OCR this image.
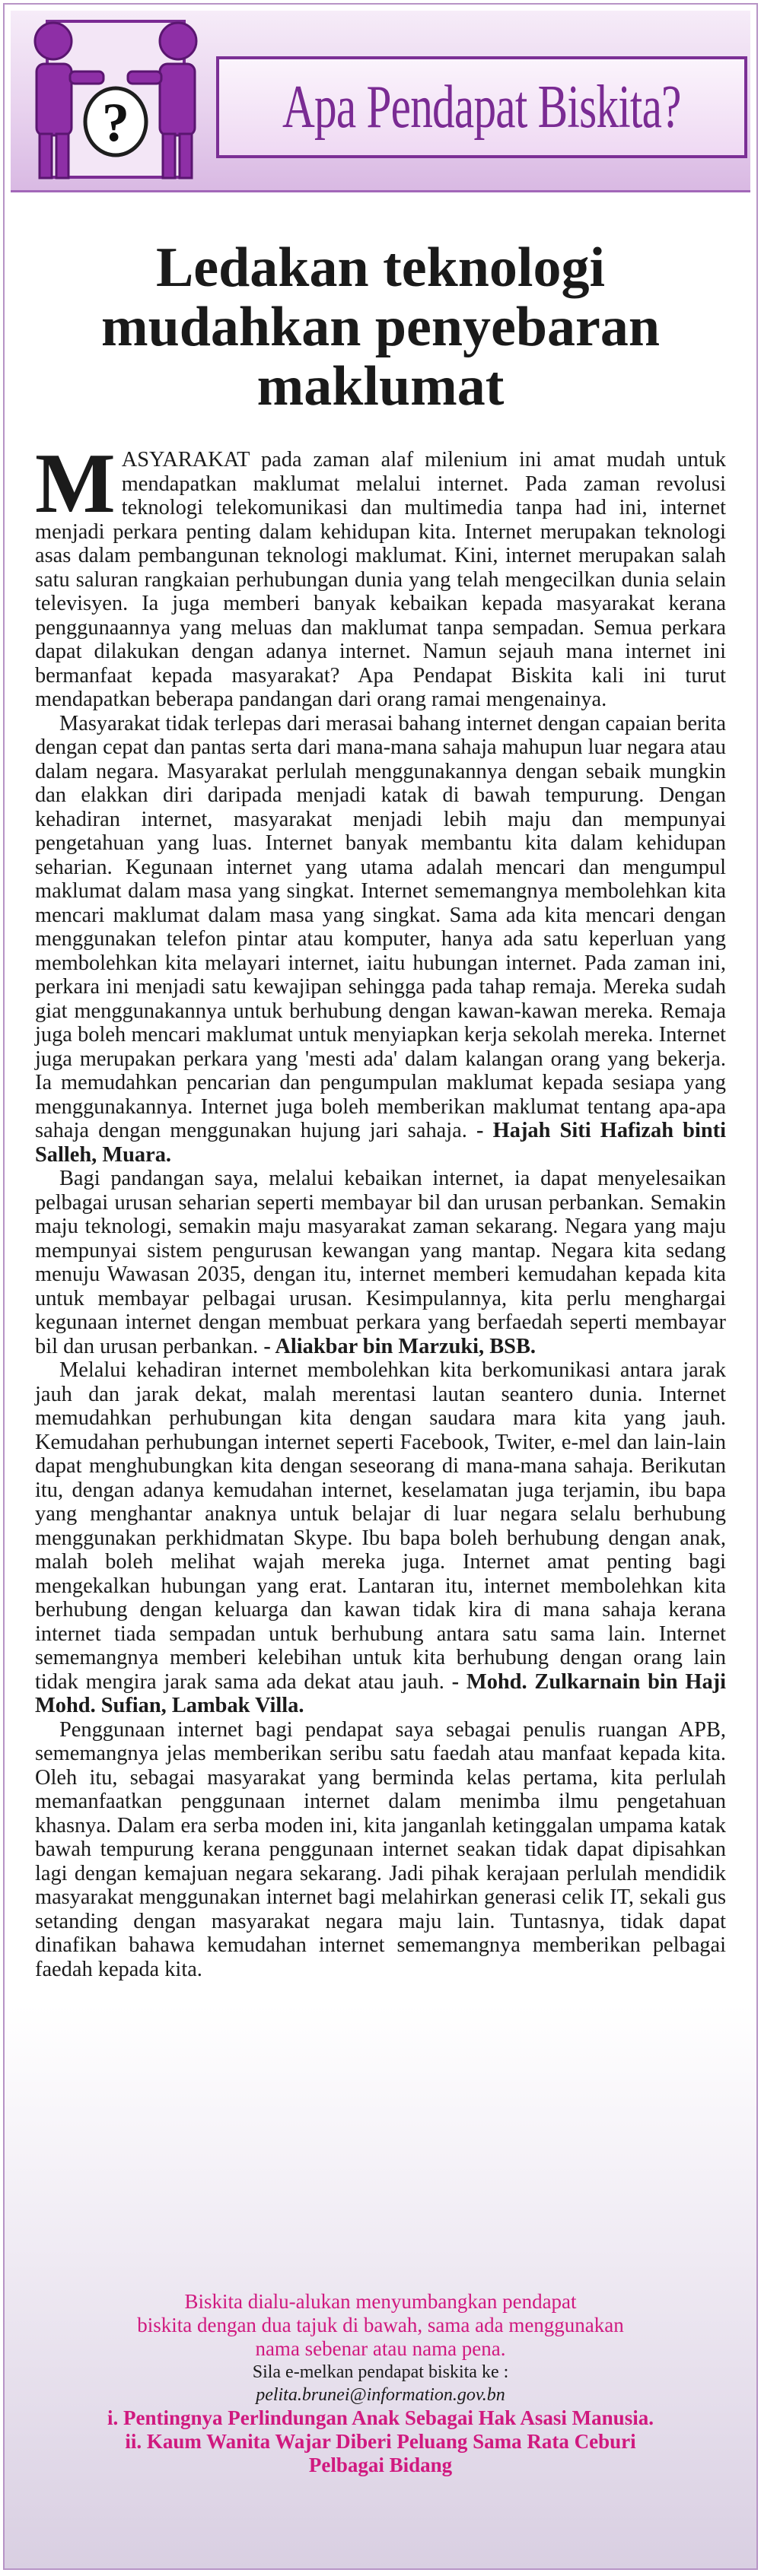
?	Apa Pendapat Biskita?
Ledakan teknologi
mudahkan penyebaran
maklumat

MASYARAKAT pada zaman alaf milenium ini amat mudah untuk mendapatkan maklumat melalui internet. Pada zaman revolusi teknologi telekomunikasi dan multimedia tanpa had ini, internet menjadi perkara penting dalam kehidupan kita. Internet merupakan teknologi asas dalam pembangunan teknologi maklumat. Kini, internet merupakan salah satu saluran rangkaian perhubungan dunia yang telah mengecilkan dunia selain televisyen. Ia juga memberi banyak kebaikan kepada masyarakat kerana penggunaannya yang meluas dan maklumat tanpa sempadan. Semua perkara dapat dilakukan dengan adanya internet. Namun sejauh mana internet ini bermanfaat kepada masyarakat? Apa Pendapat Biskita kali ini turut mendapatkan beberapa pandangan dari orang ramai mengenainya.

Masyarakat tidak terlepas dari merasai bahang internet dengan capaian berita dengan cepat dan pantas serta dari mana-mana sahaja mahupun luar negara atau dalam negara. Masyarakat perlulah menggunakannya dengan sebaik mungkin dan elakkan diri daripada menjadi katak di bawah tempurung. Dengan kehadiran internet, masyarakat menjadi lebih maju dan mempunyai pengetahuan yang luas. Internet banyak membantu kita dalam kehidupan seharian. Kegunaan internet yang utama adalah mencari dan mengumpul maklumat dalam masa yang singkat. Internet sememangnya membolehkan kita mencari maklumat dalam masa yang singkat. Sama ada kita mencari dengan menggunakan telefon pintar atau komputer, hanya ada satu keperluan yang membolehkan kita melayari internet, iaitu hubungan internet. Pada zaman ini, perkara ini menjadi satu kewajipan sehingga pada tahap remaja. Mereka sudah giat menggunakannya untuk berhubung dengan kawan-kawan mereka. Remaja juga boleh mencari maklumat untuk menyiapkan kerja sekolah mereka. Internet juga merupakan perkara yang 'mesti ada' dalam kalangan orang yang bekerja. Ia memudahkan pencarian dan pengumpulan maklumat kepada sesiapa yang menggunakannya. Internet juga boleh memberikan maklumat tentang apa-apa sahaja dengan menggunakan hujung jari sahaja. - Hajah Siti Hafizah binti Salleh, Muara.

Bagi pandangan saya, melalui kebaikan internet, ia dapat menyelesaikan pelbagai urusan seharian seperti membayar bil dan urusan perbankan. Semakin maju teknologi, semakin maju masyarakat zaman sekarang. Negara yang maju mempunyai sistem pengurusan kewangan yang mantap. Negara kita sedang menuju Wawasan 2035, dengan itu, internet memberi kemudahan kepada kita untuk membayar pelbagai urusan. Kesimpulannya, kita perlu menghargai kegunaan internet dengan membuat perkara yang berfaedah seperti membayar bil dan urusan perbankan. - Aliakbar bin Marzuki, BSB.

Melalui kehadiran internet membolehkan kita berkomunikasi antara jarak jauh dan jarak dekat, malah merentasi lautan seantero dunia. Internet memudahkan perhubungan kita dengan saudara mara kita yang jauh. Kemudahan perhubungan internet seperti Facebook, Twiter, e-mel dan lain-lain dapat menghubungkan kita dengan seseorang di mana-mana sahaja. Berikutan itu, dengan adanya kemudahan internet, keselamatan juga terjamin, ibu bapa yang menghantar anaknya untuk belajar di luar negara selalu berhubung menggunakan perkhidmatan Skype. Ibu bapa boleh berhubung dengan anak, malah boleh melihat wajah mereka juga. Internet amat penting bagi mengekalkan hubungan yang erat. Lantaran itu, internet membolehkan kita berhubung dengan keluarga dan kawan tidak kira di mana sahaja kerana internet tiada sempadan untuk berhubung antara satu sama lain. Internet sememangnya memberi kelebihan untuk kita berhubung dengan orang lain tidak mengira jarak sama ada dekat atau jauh. - Mohd. Zulkarnain bin Haji Mohd. Sufian, Lambak Villa.

Penggunaan internet bagi pendapat saya sebagai penulis ruangan APB, sememangnya jelas memberikan seribu satu faedah atau manfaat kepada kita. Oleh itu, sebagai masyarakat yang berminda kelas pertama, kita perlulah memanfaatkan penggunaan internet dalam menimba ilmu pengetahuan khasnya. Dalam era serba moden ini, kita janganlah ketinggalan umpama katak bawah tempurung kerana penggunaan internet seakan tidak dapat dipisahkan lagi dengan kemajuan negara sekarang. Jadi pihak kerajaan perlulah mendidik masyarakat menggunakan internet bagi melahirkan generasi celik IT, sekali gus setanding dengan masyarakat negara maju lain. Tuntasnya, tidak dapat dinafikan bahawa kemudahan internet sememangnya memberikan pelbagai faedah kepada kita.

Biskita dialu-alukan menyumbangkan pendapat
biskita dengan dua tajuk di bawah, sama ada menggunakan
nama sebenar atau nama pena.
Sila e-melkan pendapat biskita ke :
pelita.brunei@information.gov.bn
i. Pentingnya Perlindungan Anak Sebagai Hak Asasi Manusia.
ii. Kaum Wanita Wajar Diberi Peluang Sama Rata Ceburi
Pelbagai Bidang
